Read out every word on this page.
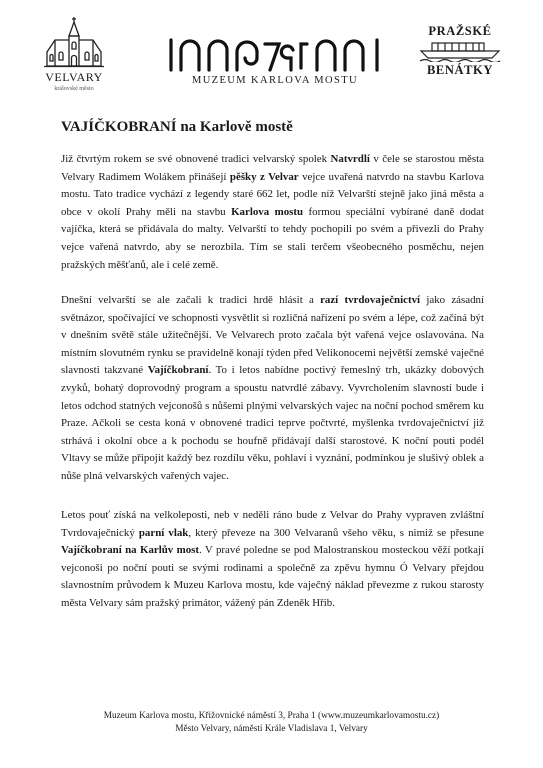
VELVARY
královské město
MUZEUM KARLOVA MOSTU
PRAŽSKÉ
BENÁTKY
VAJÍČKOBRANÍ na Karlově mostě

Již čtvrtým rokem se své obnovené tradici velvarský spolek Natvrdlí v čele se starostou města Velvary Radimem Wolákem přinášejí pěšky z Velvar vejce uvařená natvrdo na stavbu Karlova mostu. Tato tradice vychází z legendy staré 662 let, podle níž Velvarští stejně jako jiná města a obce v okolí Prahy měli na stavbu Karlova mostu formou speciální vybírané daně dodat vajíčka, která se přidávala do malty. Velvarští to tehdy pochopili po svém a přivezli do Prahy vejce vařená natvrdo, aby se nerozbila. Tím se stali terčem všeobecného posměchu, nejen pražských měšťanů, ale i celé země.

Dnešní velvarští se ale začali k tradici hrdě hlásit a razí tvrdovaječnictví jako zásadní světnázor, spočívající ve schopnosti vysvětlit si rozličná nařízení po svém a lépe, což začíná být v dnešním světě stále užitečnější. Ve Velvarech proto začala být vařená vejce oslavována. Na místním slovutném rynku se pravidelně konají týden před Velikonocemi největší zemské vaječné slavnosti takzvané Vajíčkobraní. To i letos nabídne poctivý řemeslný trh, ukázky dobových zvyků, bohatý doprovodný program a spoustu natvrdlé zábavy. Vyvrcholením slavností bude i letos odchod statných vejconošů s nůšemi plnými velvarských vajec na noční pochod směrem ku Praze. Ačkoli se cesta koná v obnovené tradici teprve počtvrté, myšlenka tvrdovaječnictví již strhává i okolní obce a k pochodu se houfně přidávají další starostové. K noční pouti podél Vltavy se může připojit každý bez rozdílu věku, pohlaví i vyznání, podmínkou je slušivý oblek a nůše plná velvarských vařených vajec.

Letos pouť získá na velkoleposti, neb v neděli ráno bude z Velvar do Prahy vypraven zvláštní Tvrdovaječnický parní vlak, který převeze na 300 Velvaranů všeho věku, s nimiž se přesune Vajíčkobraní na Karlův most. V pravé poledne se pod Malostranskou mosteckou věží potkají vejconoši po noční pouti se svými rodinami a společně za zpěvu hymnu Ó Velvary přejdou slavnostním průvodem k Muzeu Karlova mostu, kde vaječný náklad převezme z rukou starosty města Velvary sám pražský primátor, vážený pán Zdeněk Hřib.

Muzeum Karlova mostu, Křižovnické náměstí 3, Praha 1 (www.muzeumkarlovamostu.cz)
Město Velvary, náměstí Krále Vladislava 1, Velvary
